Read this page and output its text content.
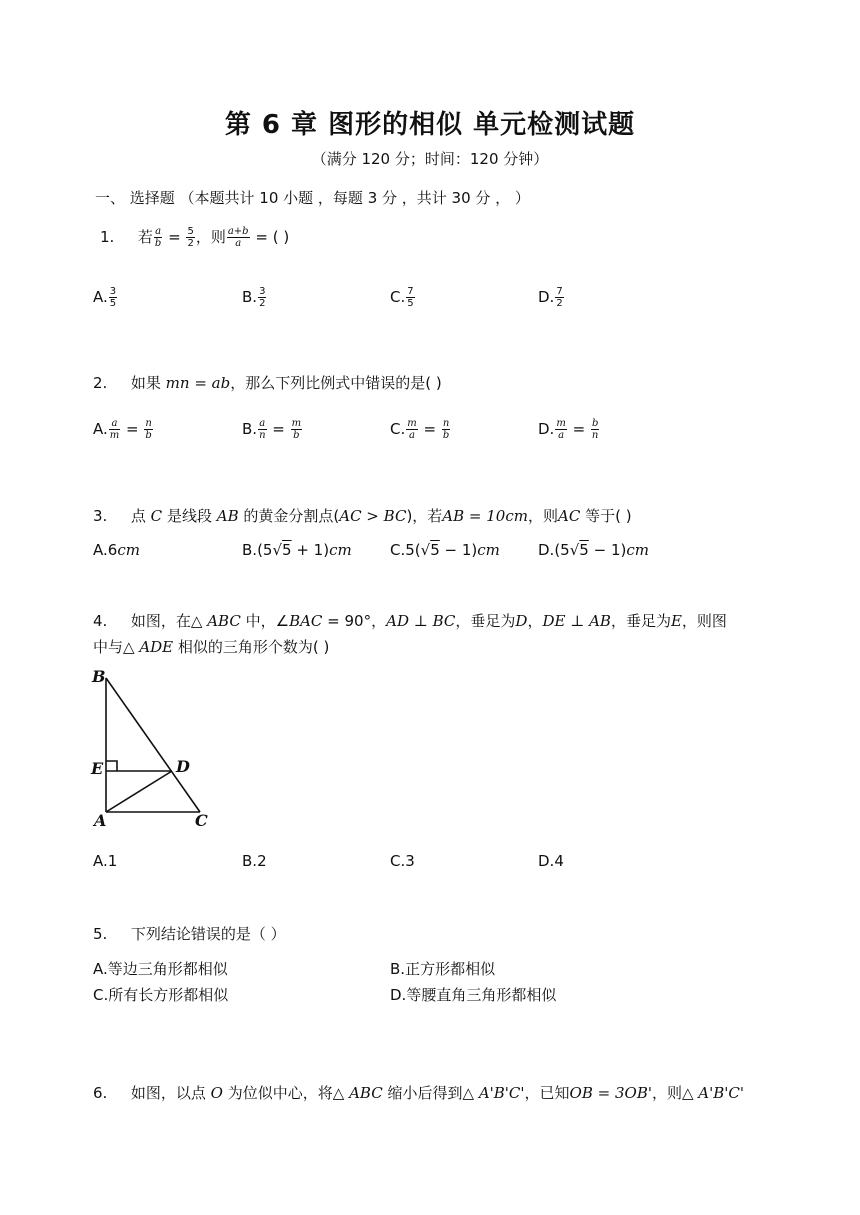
第 6 章 图形的相似 单元检测试题
（满分 120 分；时间：120 分钟）
一、 选择题 （本题共计 10 小题 ，每题 3 分 ，共计 30 分 ， ）
1. 若 $\frac{a}{b} = \frac{5}{2}$ ，则 $\frac{a+b}{a}$ = ( )
A. $\frac{3}{5}$	B. $\frac{3}{2}$	C. $\frac{7}{5}$	D. $\frac{7}{2}$
2. 如果 mn = ab，那么下列比例式中错误的是( )
A. $\frac{a}{m} = \frac{n}{b}$	B. $\frac{a}{n} = \frac{m}{b}$	C. $\frac{m}{a} = \frac{n}{b}$	D. $\frac{m}{a} = \frac{b}{n}$
3. 点 C 是线段 AB 的黄金分割点(AC > BC)，若AB = 10cm，则AC 等于( )
A.6cm	B.(5√5 + 1)cm	C.5(√5 − 1)cm	D.(5√5 − 1)cm
4. 如图，在△ ABC 中，∠BAC = 90°，AD ⊥ BC，垂足为D，DE ⊥ AB，垂足为E，则图
中与△ ADE 相似的三角形个数为( )
B
E	D
A	C
A.1	B.2	C.3	D.4
5. 下列结论错误的是（ ）
A.等边三角形都相似	B.正方形都相似
C.所有长方形都相似	D.等腰直角三角形都相似
6. 如图，以点 O 为位似中心，将△ ABC 缩小后得到△ A'B'C'，已知OB = 3OB'，则△ A'B'C'
